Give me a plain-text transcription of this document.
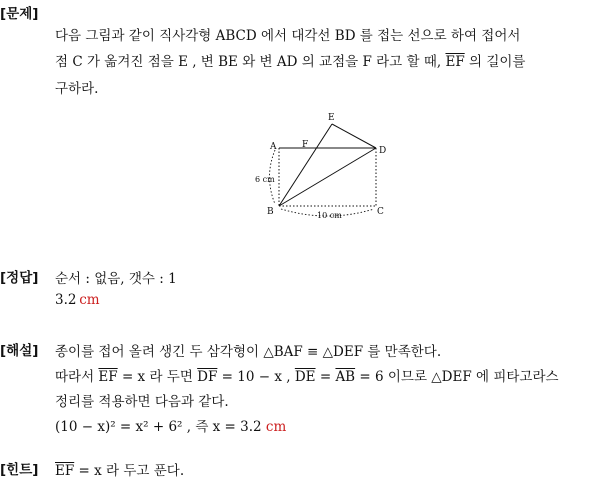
[문제]
다음 그림과 같이 직사각형 ABCD 에서 대각선 BD 를 접는 선으로 하여 접어서
점 C 가 옮겨진 점을 E , 변 BE 와 변 AD 의 교점을 F 라고 할 때, $\overline{EF}$ 의 길이를
구하라.
A
B	C
D
E
F
6 cm
10 cm
[정답] 순서 : 없음, 갯수 : 1
3.2  cm
[해설] 종이를 접어 올려 생긴 두 삼각형이 △BAF ≡ △DEF 를 만족한다.
따라서 $\overline{EF} = x$ 라 두면 $\overline{DF} = 10 - x$ , $\overline{DE} = \overline{AB} = 6$ 이므로 △DEF 에 피타고라스
정리를 적용하면 다음과 같다.
(10 − x)² = x² + 6² , 즉 x = 3.2 cm
[힌트] $\overline{EF} = x$ 라 두고 푼다.
